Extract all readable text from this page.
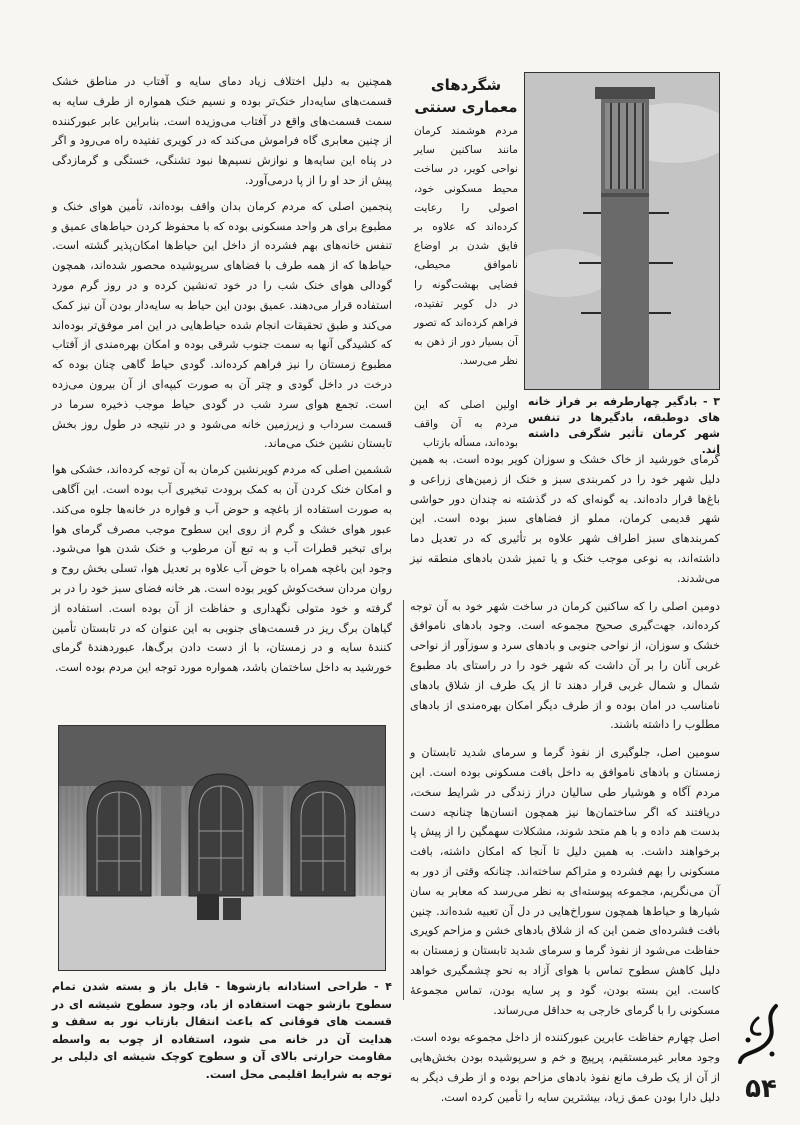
همچنین به دلیل اختلاف زیاد دمای سایه و آفتاب در مناطق خشک قسمت‌های سایه‌دار خنک‌تر بوده و نسیم خنک همواره از طرف سایه به سمت قسمت‌های واقع در آفتاب می‌وزیده است. بنابراین عابر عبورکننده از چنین معابری گاه فراموش می‌کند که در کویری تفتیده راه می‌رود و اگر در پناه این سایه‌ها و نوازش نسیم‌ها نبود تشنگی، خستگی و گرمازدگی پیش از حد او را از پا درمی‌آورد.

پنجمین اصلی که مردم کرمان بدان واقف بوده‌اند، تأمین هوای خنک و مطبوع برای هر واحد مسکونی بوده که با محفوظ کردن حیاط‌های عمیق و تنفس خانه‌های بهم فشرده از داخل این حیاط‌ها امکان‌پذیر گشته است. حیاط‌ها که از همه طرف با فضاهای سرپوشیده محصور شده‌اند، همچون گودالی هوای خنک شب را در خود ته‌نشین کرده و در روز گرم مورد استفاده قرار می‌دهند. عمیق بودن این حیاط به سایه‌دار بودن آن نیز کمک می‌کند و طبق تحقیقات انجام شده حیاط‌هایی در این امر موفق‌تر بوده‌اند که کشیدگی آنها به سمت جنوب شرقی بوده و امکان بهره‌مندی از آفتاب مطبوع زمستان را نیز فراهم کرده‌اند. گودی حیاط گاهی چنان بوده که درخت در داخل گودی و چتر آن به صورت کیپه‌ای از آن بیرون می‌زده است. تجمع هوای سرد شب در گودی حیاط موجب ذخیره سرما در قسمت سرداب و زیرزمین خانه می‌شود و در نتیجه در طول روز بخش تابستان نشین خنک می‌ماند.

ششمین اصلی که مردم کویرنشین کرمان به آن توجه کرده‌اند، خشکی هوا و امکان خنک کردن آن به کمک برودت تبخیری آب بوده است. این آگاهی به صورت استفاده از باغچه و حوض آب و فواره در خانه‌ها جلوه می‌کند. عبور هوای خشک و گرم از روی این سطوح موجب مصرف گرمای هوا برای تبخیر قطرات آب و به تبع آن مرطوب و خنک شدن هوا می‌شود. وجود این باغچه همراه با حوض آب علاوه بر تعدیل هوا، تسلی بخش روح و روان مردان سخت‌کوش کویر بوده است. هر خانه فضای سبز خود را در بر گرفته و خود متولی نگهداری و حفاظت از آن بوده است. استفاده از گیاهان برگ ریز در قسمت‌های جنوبی به این عنوان که در تابستان تأمین کنندهٔ سایه و در زمستان، با از دست دادن برگ‌ها، عبوردهندهٔ گرمای خورشید به داخل ساختمان باشد، همواره مورد توجه این مردم بوده است.

۴ - طراحی استادانه بازشوها - قابل باز و بسته شدن تمام سطوح بازشو جهت استفاده از باد، وجود سطوح شیشه ای در قسمت های فوقانی که باعث انتقال بازتاب نور به سقف و هدایت آن در خانه می شود، استفاده از چوب به واسطه مقاومت حرارتی بالای آن و سطوح کوچک شیشه ای دلیلی بر توجه به شرایط اقلیمی محل است.
شگردهای معماری سنتی
مردم هوشمند کرمان مانند ساکنین سایر نواحی کویر، در ساخت محیط مسکونی خود، اصولی را رعایت کرده‌اند که علاوه بر فایق شدن بر اوضاع ناموافق محیطی، فضایی بهشت‌گونه را در دل کویر تفتیده، فراهم کرده‌اند که تصور آن بسیار دور از ذهن به نظر می‌رسد.
اولین اصلی که این مردم به آن واقف بوده‌اند، مسأله بازتاب
۳ - بادگیر چهارطرفه بر فراز خانه های دوطبقه، بادگیرها در تنفس شهر کرمان تأثیر شگرفی داشته اند.

گرمای خورشید از خاک خشک و سوزان کویر بوده است. به همین دلیل شهر خود را در کمربندی سبز و خنک از زمین‌های زراعی و باغ‌ها قرار داده‌اند. به گونه‌ای که در گذشته نه چندان دور حواشی شهر قدیمی کرمان، مملو از فضاهای سبز بوده است. این کمربندهای سبز اطراف شهر علاوه بر تأثیری که در تعدیل دما داشته‌اند، به نوعی موجب خنک و یا تمیز شدن بادهای منطقه نیز می‌شدند.

دومین اصلی را که ساکنین کرمان در ساخت شهر خود به آن توجه کرده‌اند، جهت‌گیری صحیح مجموعه است. وجود بادهای ناموافق خشک و سوزان، از نواحی جنوبی و بادهای سرد و سوزآور از نواحی غربی آنان را بر آن داشت که شهر خود را در راستای باد مطبوع شمال و شمال غربی قرار دهند تا از یک طرف از شلاق بادهای نامناسب در امان بوده و از طرف دیگر امکان بهره‌مندی از بادهای مطلوب را داشته باشند.

سومین اصل، جلوگیری از نفوذ گرما و سرمای شدید تابستان و زمستان و بادهای ناموافق به داخل بافت مسکونی بوده است. این مردم آگاه و هوشیار طی سالیان دراز زندگی در شرایط سخت، دریافتند که اگر ساختمان‌ها نیز همچون انسان‌ها چنانچه دست بدست هم داده و با هم متحد شوند، مشکلات سهمگین را از پیش پا برخواهند داشت. به همین دلیل تا آنجا که امکان داشته، بافت مسکونی را بهم فشرده و متراکم ساخته‌اند. چنانکه وقتی از دور به آن می‌نگریم، مجموعه پیوسته‌ای به نظر می‌رسد که معابر به سان شیارها و حیاط‌ها همچون سوراخ‌هایی در دل آن تعبیه شده‌اند. چنین بافت فشرده‌ای ضمن این که از شلاق بادهای خشن و مزاحم کویری حفاظت می‌شود از نفوذ گرما و سرمای شدید تابستان و زمستان به دلیل کاهش سطوح تماس با هوای آزاد به نحو چشمگیری خواهد کاست. این بسته بودن، گود و پر سایه بودن، تماس مجموعهٔ مسکونی را با گرمای خارجی به حداقل می‌رساند.

اصل چهارم حفاظت عابرین عبورکننده از داخل مجموعه بوده است. وجود معابر غیرمستقیم، پرپیچ و خم و سرپوشیده بودن بخش‌هایی از آن از یک طرف مانع نفوذ بادهای مزاحم بوده و از طرف دیگر به دلیل دارا بودن عمق زیاد، بیشترین سایه را تأمین کرده است. ۵۴
